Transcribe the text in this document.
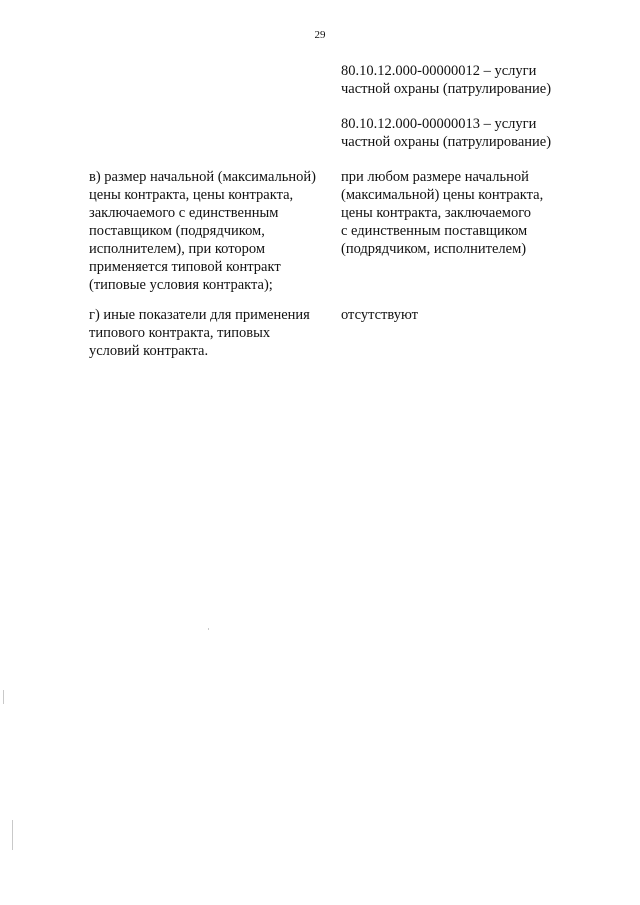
29
80.10.12.000-00000012 – услуги
частной охраны (патрулирование)
80.10.12.000-00000013 – услуги
частной охраны (патрулирование)
в) размер начальной (максимальной)
цены контракта, цены контракта,
заключаемого с единственным
поставщиком (подрядчиком,
исполнителем), при котором
применяется типовой контракт
(типовые условия контракта);
при любом размере начальной
(максимальной) цены контракта,
цены контракта, заключаемого
с единственным поставщиком
(подрядчиком, исполнителем)
г) иные показатели для применения
типового контракта, типовых
условий контракта.
отсутствуют
